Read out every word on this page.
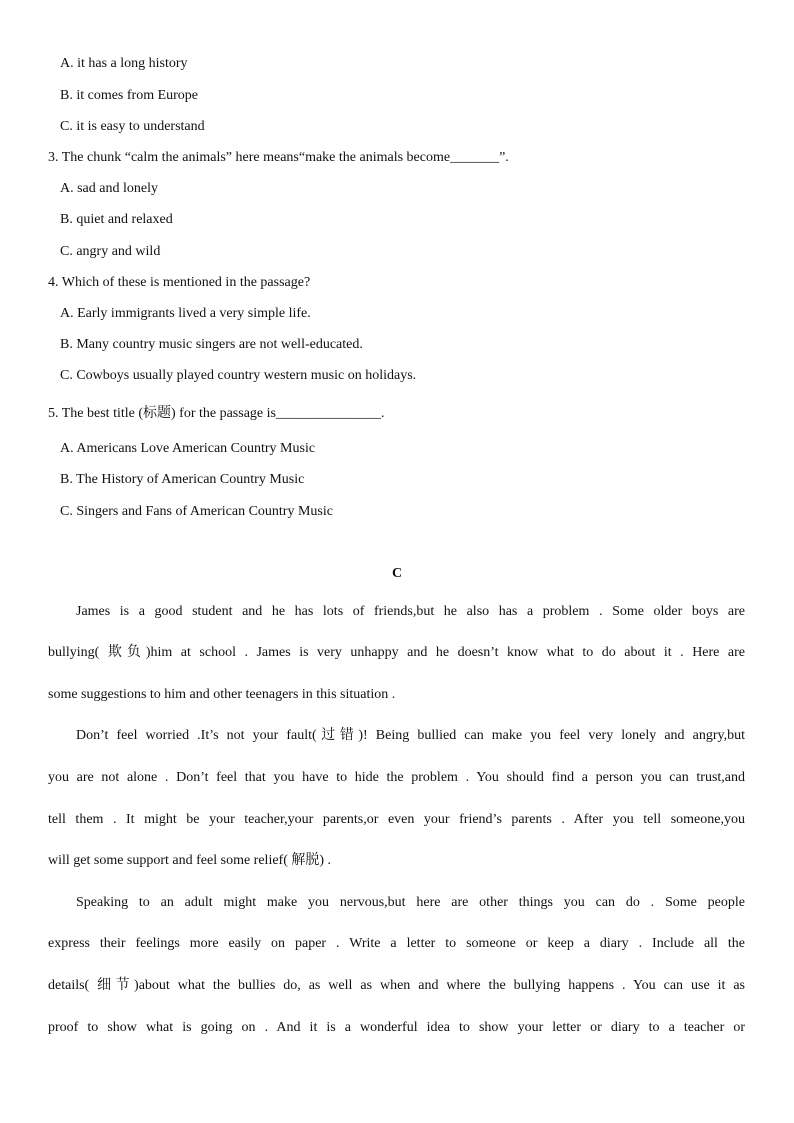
A. it has a long history
B. it comes from Europe
C. it is easy to understand
3. The chunk “calm the animals” here means“make the animals become_______”.
A. sad and lonely
B. quiet and relaxed
C. angry and wild
4. Which of these is mentioned in the passage?
A. Early immigrants lived a very simple life.
B. Many country music singers are not well-educated.
C. Cowboys usually played country western music on holidays.
5. The best title (标题) for the passage is_______________.
A. Americans Love American Country Music
B. The History of American Country Music
C. Singers and Fans of American Country Music
C
James is a good student and he has lots of friends,but he also has a problem . Some older boys are
bullying( 欺负)him at school . James is very unhappy and he doesn’t know what to do about it . Here are
some suggestions to him and other teenagers in this situation .
Don’t feel worried .It’s not your fault(过错)! Being bullied can make you feel very lonely and angry,but
you are not alone . Don’t feel that you have to hide the problem . You should find a person you can trust,and
tell them . It might be your teacher,your parents,or even your friend’s parents . After you tell someone,you
will get some support and feel some relief( 解脱) .
Speaking to an adult might make you nervous,but here are other things you can do . Some people
express their feelings more easily on paper . Write a letter to someone or keep a diary . Include all the
details( 细节)about what the bullies do, as well as when and where the bullying happens . You can use it as
proof to show what is going on . And it is a wonderful idea to show your letter or diary to a teacher or
